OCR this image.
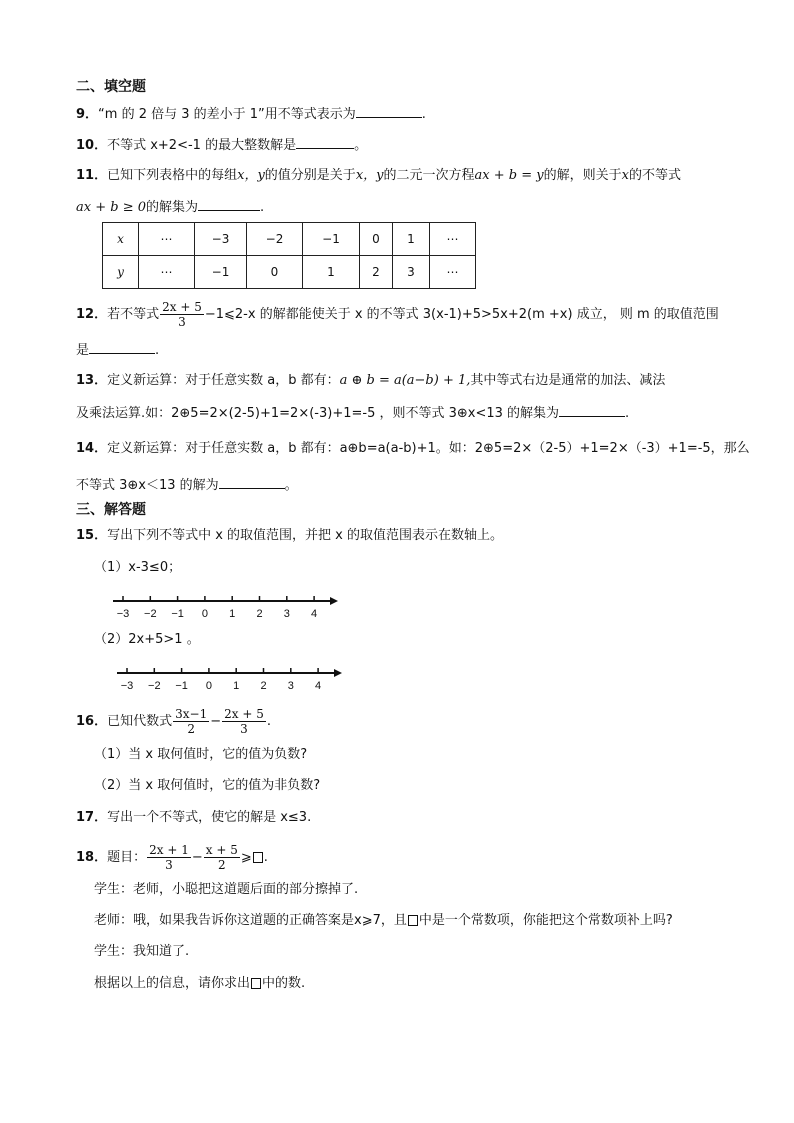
二、填空题
9．“m 的 2 倍与 3 的差小于 1”用不等式表示为	.
10．不等式 x+2<-1 的最大整数解是	。
11．已知下列表格中的每组x，y的值分别是关于x，y的二元一次方程ax + b = y的解，则关于x的不等式
ax + b ≥ 0的解集为	.
x	⋯	−3	−2	−1	0	1	⋯
y	⋯	−1	0	1	2	3	⋯
12．若不等式 $\frac{2x + 5}{3}$ −1⩽2-x 的解都能使关于 x 的不等式 3(x-1)+5>5x+2(m +x) 成立， 则 m 的取值范围
是	.
13．定义新运算：对于任意实数 a，b 都有：a ⊕ b = a(a−b) + 1,其中等式右边是通常的加法、减法
及乘法运算.如：2⊕5=2×(2-5)+1=2×(-3)+1=-5 ，则不等式 3⊕x<13 的解集为	.
14．定义新运算：对于任意实数 a，b 都有：a⊕b=a(a-b)+1。如：2⊕5=2×（2-5）+1=2×（-3）+1=-5，那么
不等式 3⊕x＜13 的解为	。
三、解答题
15．写出下列不等式中 x 的取值范围，并把 x 的取值范围表示在数轴上。
（1）x-3≤0；
−3 −2 −1 0 1 2 3 4
（2）2x+5>1 。
−3 −2 −1 0 1 2 3 4
16．已知代数式 $\frac{3x-1}{2} - \frac{2x + 5}{3}$ .
（1）当 x 取何值时，它的值为负数?
（2）当 x 取何值时，它的值为非负数?
17．写出一个不等式，使它的解是 x≤3.
18．题目： $\frac{2x + 1}{3} - \frac{x + 5}{2}$ ⩾ .
学生：老师，小聪把这道题后面的部分擦掉了.
老师：哦，如果我告诉你这道题的正确答案是x⩾7，且 中是一个常数项，你能把这个常数项补上吗?
学生：我知道了.
根据以上的信息，请你求出 中的数.
